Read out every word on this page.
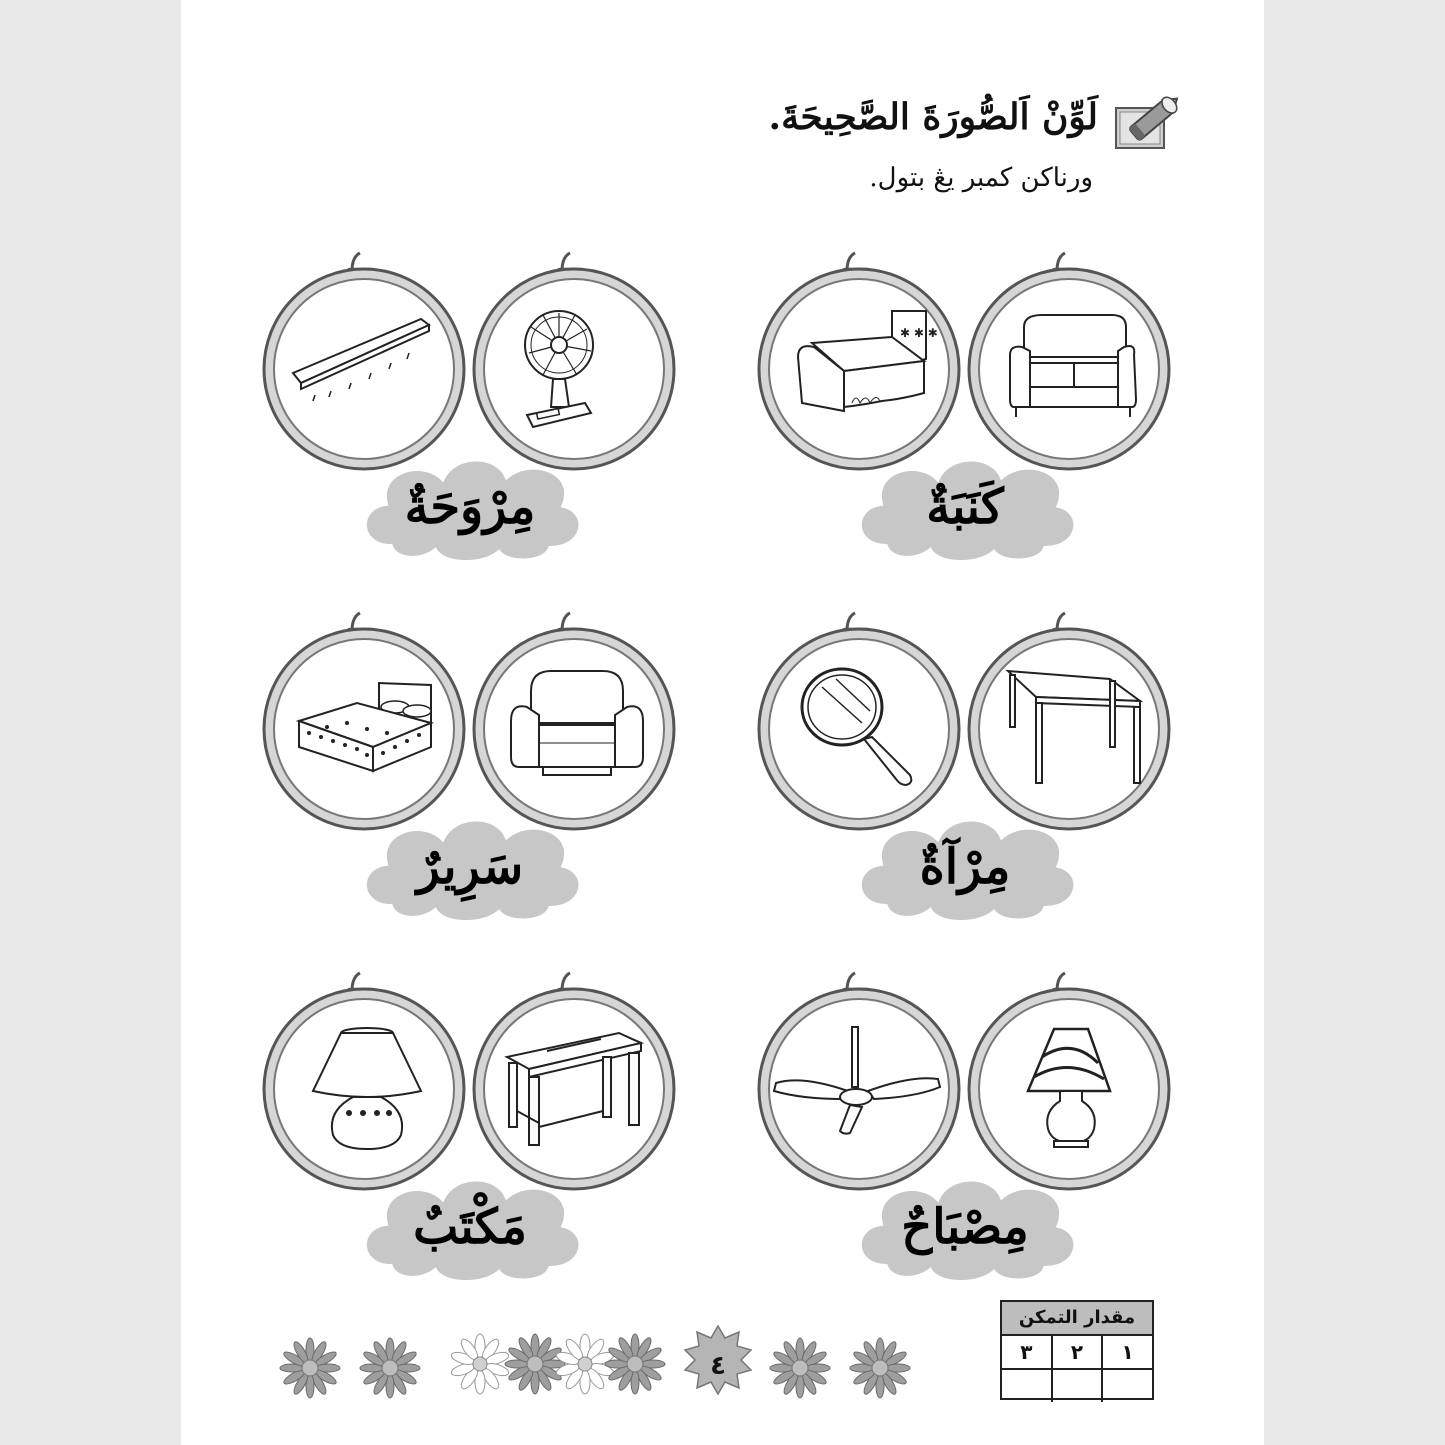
لَوِّنْ اَلصُّورَةَ الصَّحِيحَةَ.
ورناکن کمبر يڠ بتول.
✱ ✱ ✱
كَنَبَةٌ
مِرْوَحَةٌ
مِرْآةٌ
سَرِيرٌ
مِصْبَاحٌ
مَكْتَبٌ
٤
مقدار التمكن
١
٢
٣
